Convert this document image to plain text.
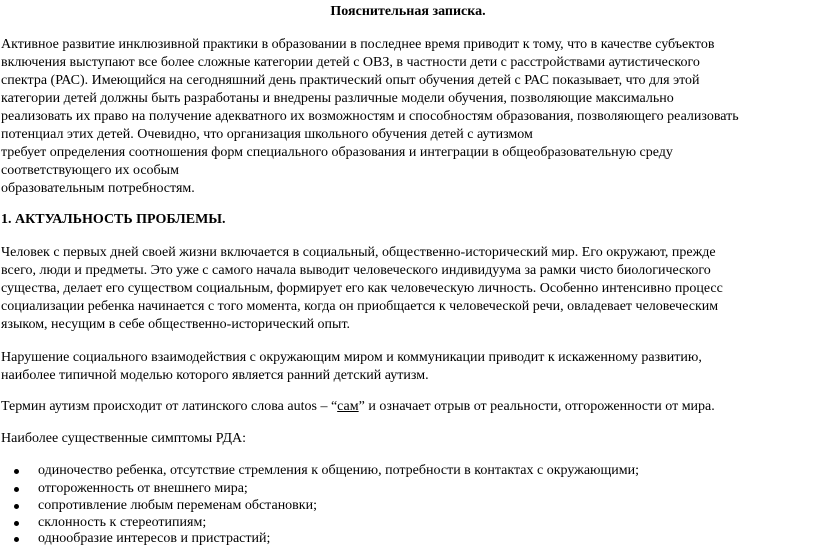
Пояснительная записка.
Активное развитие инклюзивной практики в образовании в последнее время приводит к тому, что в качестве субъектов
включения выступают все более сложные категории детей с ОВЗ, в частности дети с расстройствами аутистического
спектра (РАС). Имеющийся на сегодняшний день практический опыт обучения детей с РАС показывает, что для этой
категории детей должны быть разработаны и внедрены различные модели обучения, позволяющие максимально
реализовать их право на получение адекватного их возможностям и способностям образования, позволяющего реализовать
потенциал этих детей. Очевидно, что организация школьного обучения детей с аутизмом
требует определения соотношения форм специального образования и интеграции в общеобразовательную среду
соответствующего их особым
образовательным потребностям.
1. АКТУАЛЬНОСТЬ ПРОБЛЕМЫ.
Человек с первых дней своей жизни включается в социальный, общественно-исторический мир. Его окружают, прежде
всего, люди и предметы. Это уже с самого начала выводит человеческого индивидуума за рамки чисто биологического
существа, делает его существом социальным, формирует его как человеческую личность. Особенно интенсивно процесс
социализации ребенка начинается с того момента, когда он приобщается к человеческой речи, овладевает человеческим
языком, несущим в себе общественно-исторический опыт.
Нарушение социального взаимодействия с окружающим миром и коммуникации приводит к искаженному развитию,
наиболее типичной моделью которого является ранний детский аутизм.
Термин аутизм происходит от латинского слова autos – “сам” и означает отрыв от реальности, отгороженности от мира.
Наиболее существенные симптомы РДА:
одиночество ребенка, отсутствие стремления к общению, потребности в контактах с окружающими;
отгороженность от внешнего мира;
сопротивление любым переменам обстановки;
склонность к стереотипиям;
однообразие интересов и пристрастий;
